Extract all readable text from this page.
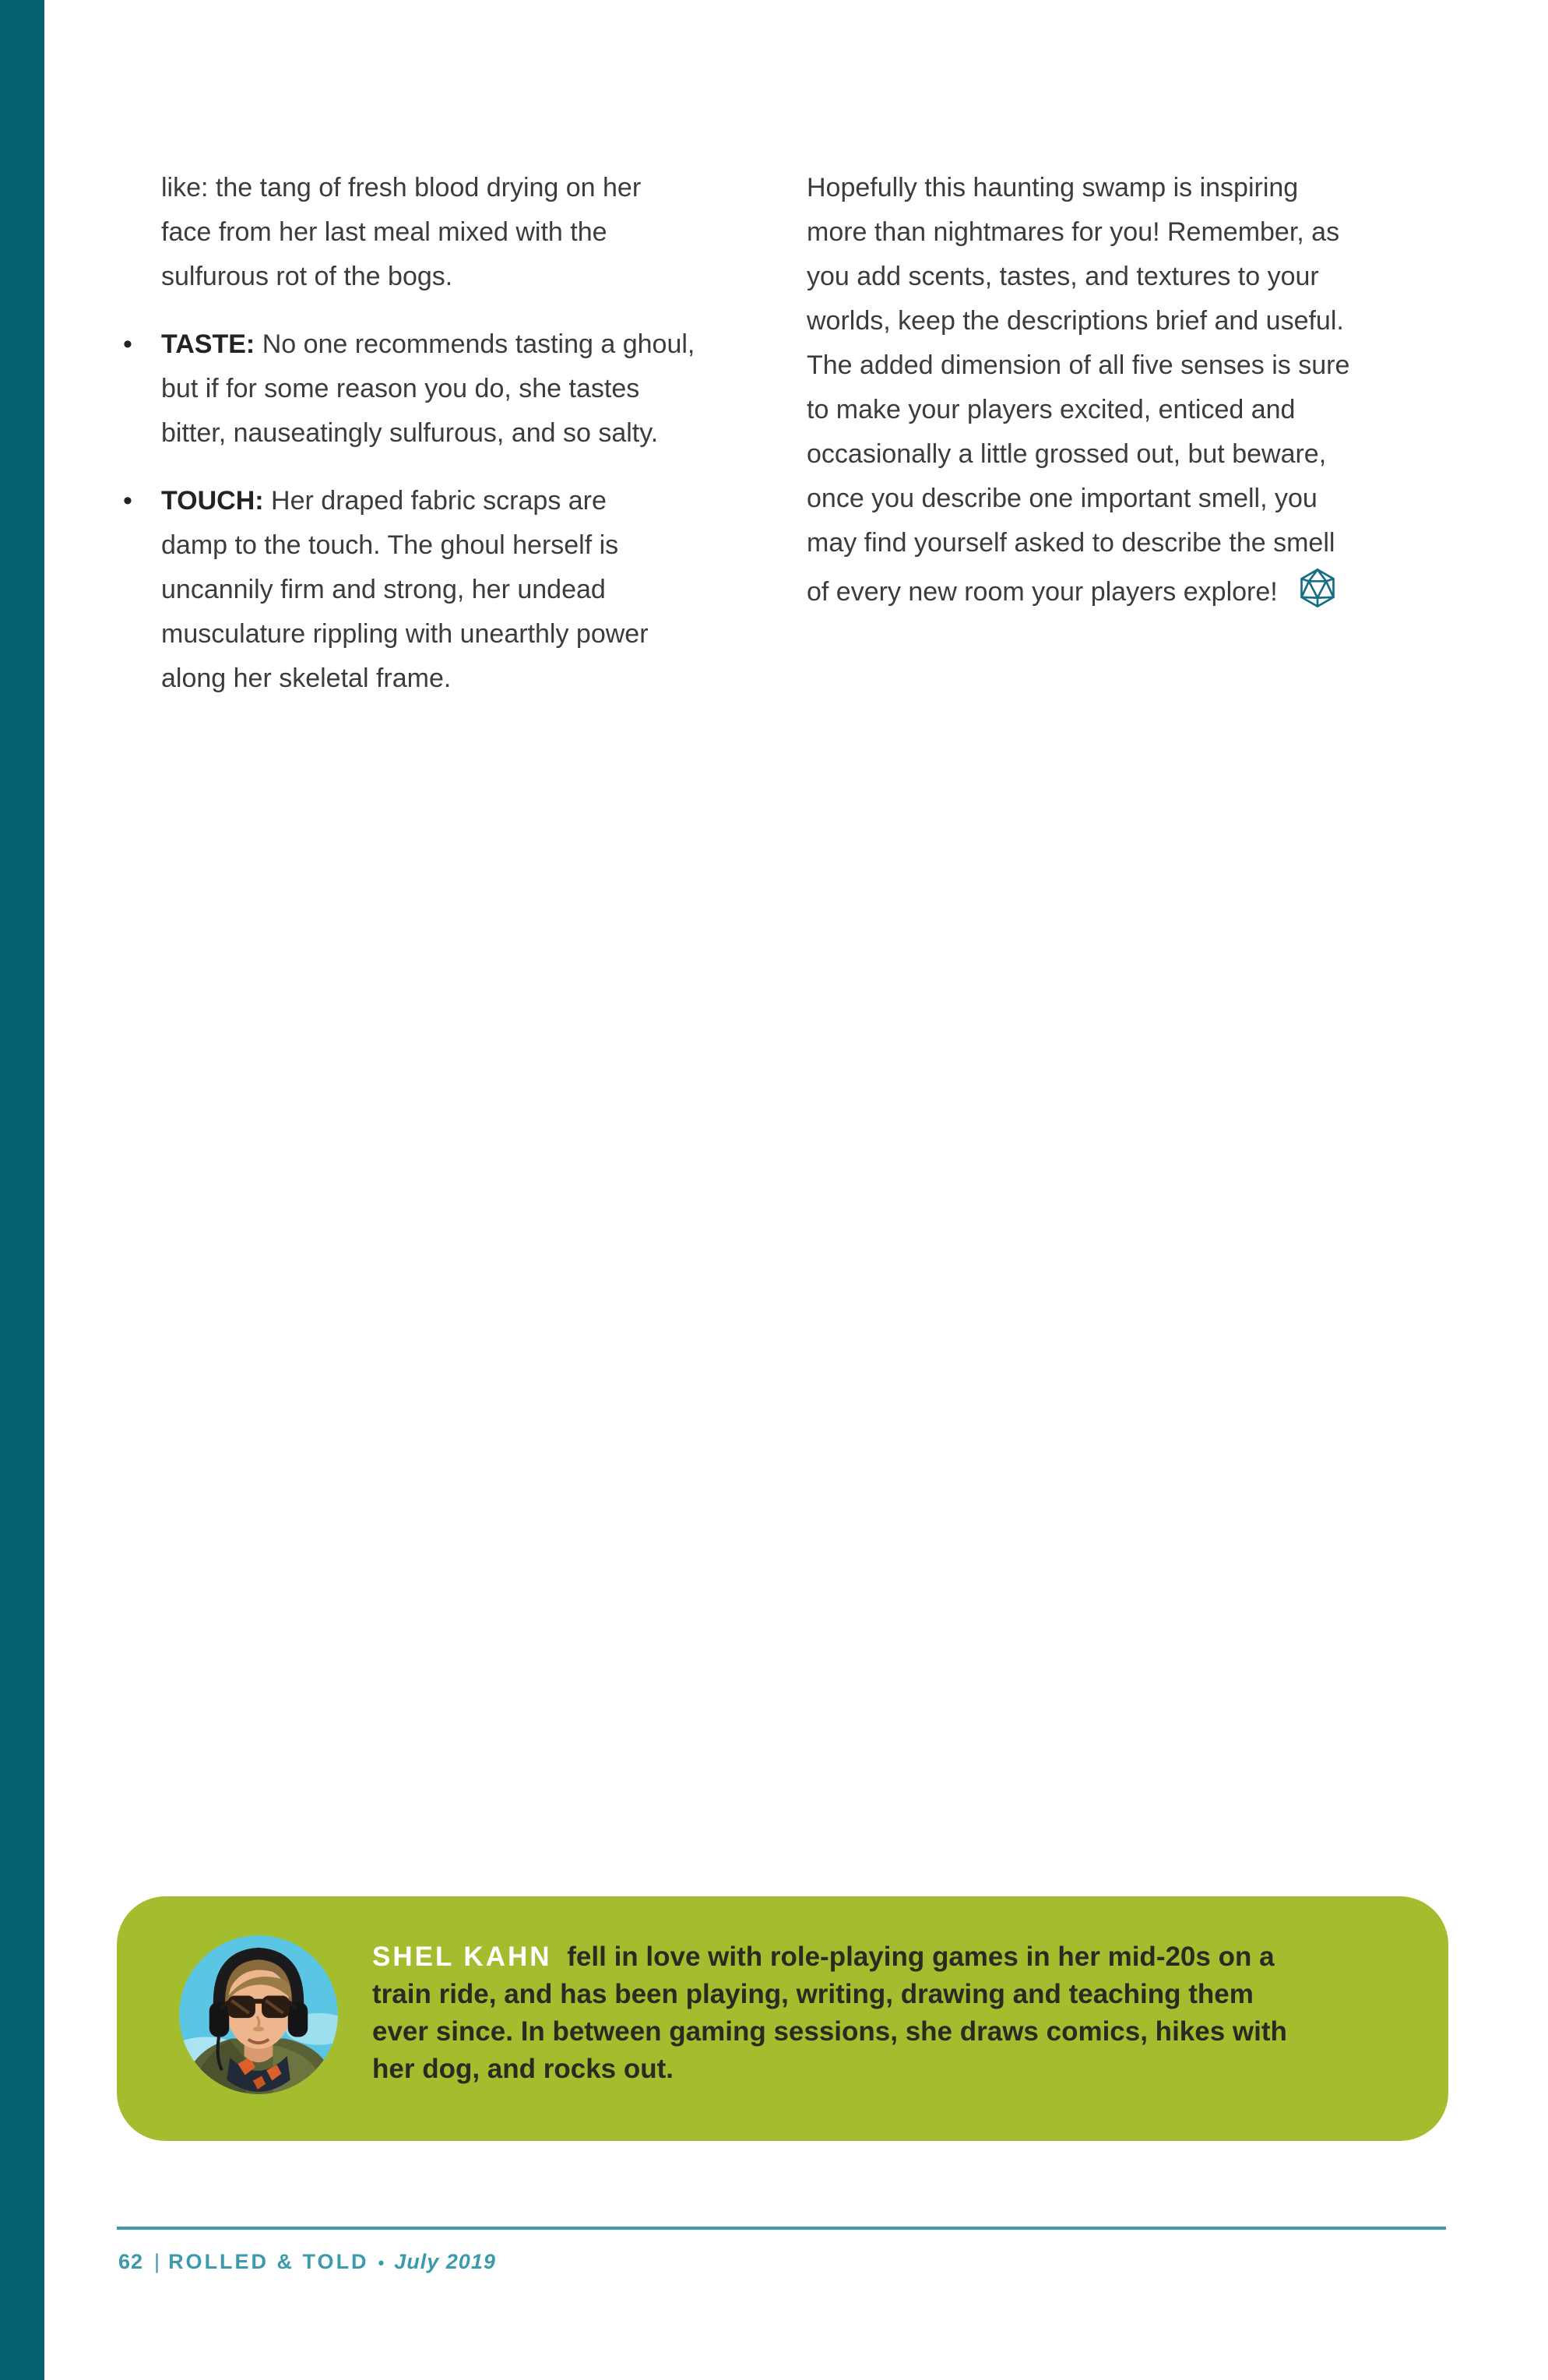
like: the tang of fresh blood drying on her
face from her last meal mixed with the
sulfurous rot of the bogs.
• TASTE: No one recommends tasting a ghoul,
but if for some reason you do, she tastes
bitter, nauseatingly sulfurous, and so salty.
• TOUCH: Her draped fabric scraps are
damp to the touch. The ghoul herself is
uncannily firm and strong, her undead
musculature rippling with unearthly power
along her skeletal frame.
Hopefully this haunting swamp is inspiring
more than nightmares for you! Remember, as
you add scents, tastes, and textures to your
worlds, keep the descriptions brief and useful.
The added dimension of all five senses is sure
to make your players excited, enticed and
occasionally a little grossed out, but beware,
once you describe one important smell, you
may find yourself asked to describe the smell
of every new room your players explore!
SHEL KAHN fell in love with role-playing games in her mid-20s on a
train ride, and has been playing, writing, drawing and teaching them
ever since. In between gaming sessions, she draws comics, hikes with
her dog, and rocks out.
62 | ROLLED & TOLD • July 2019
